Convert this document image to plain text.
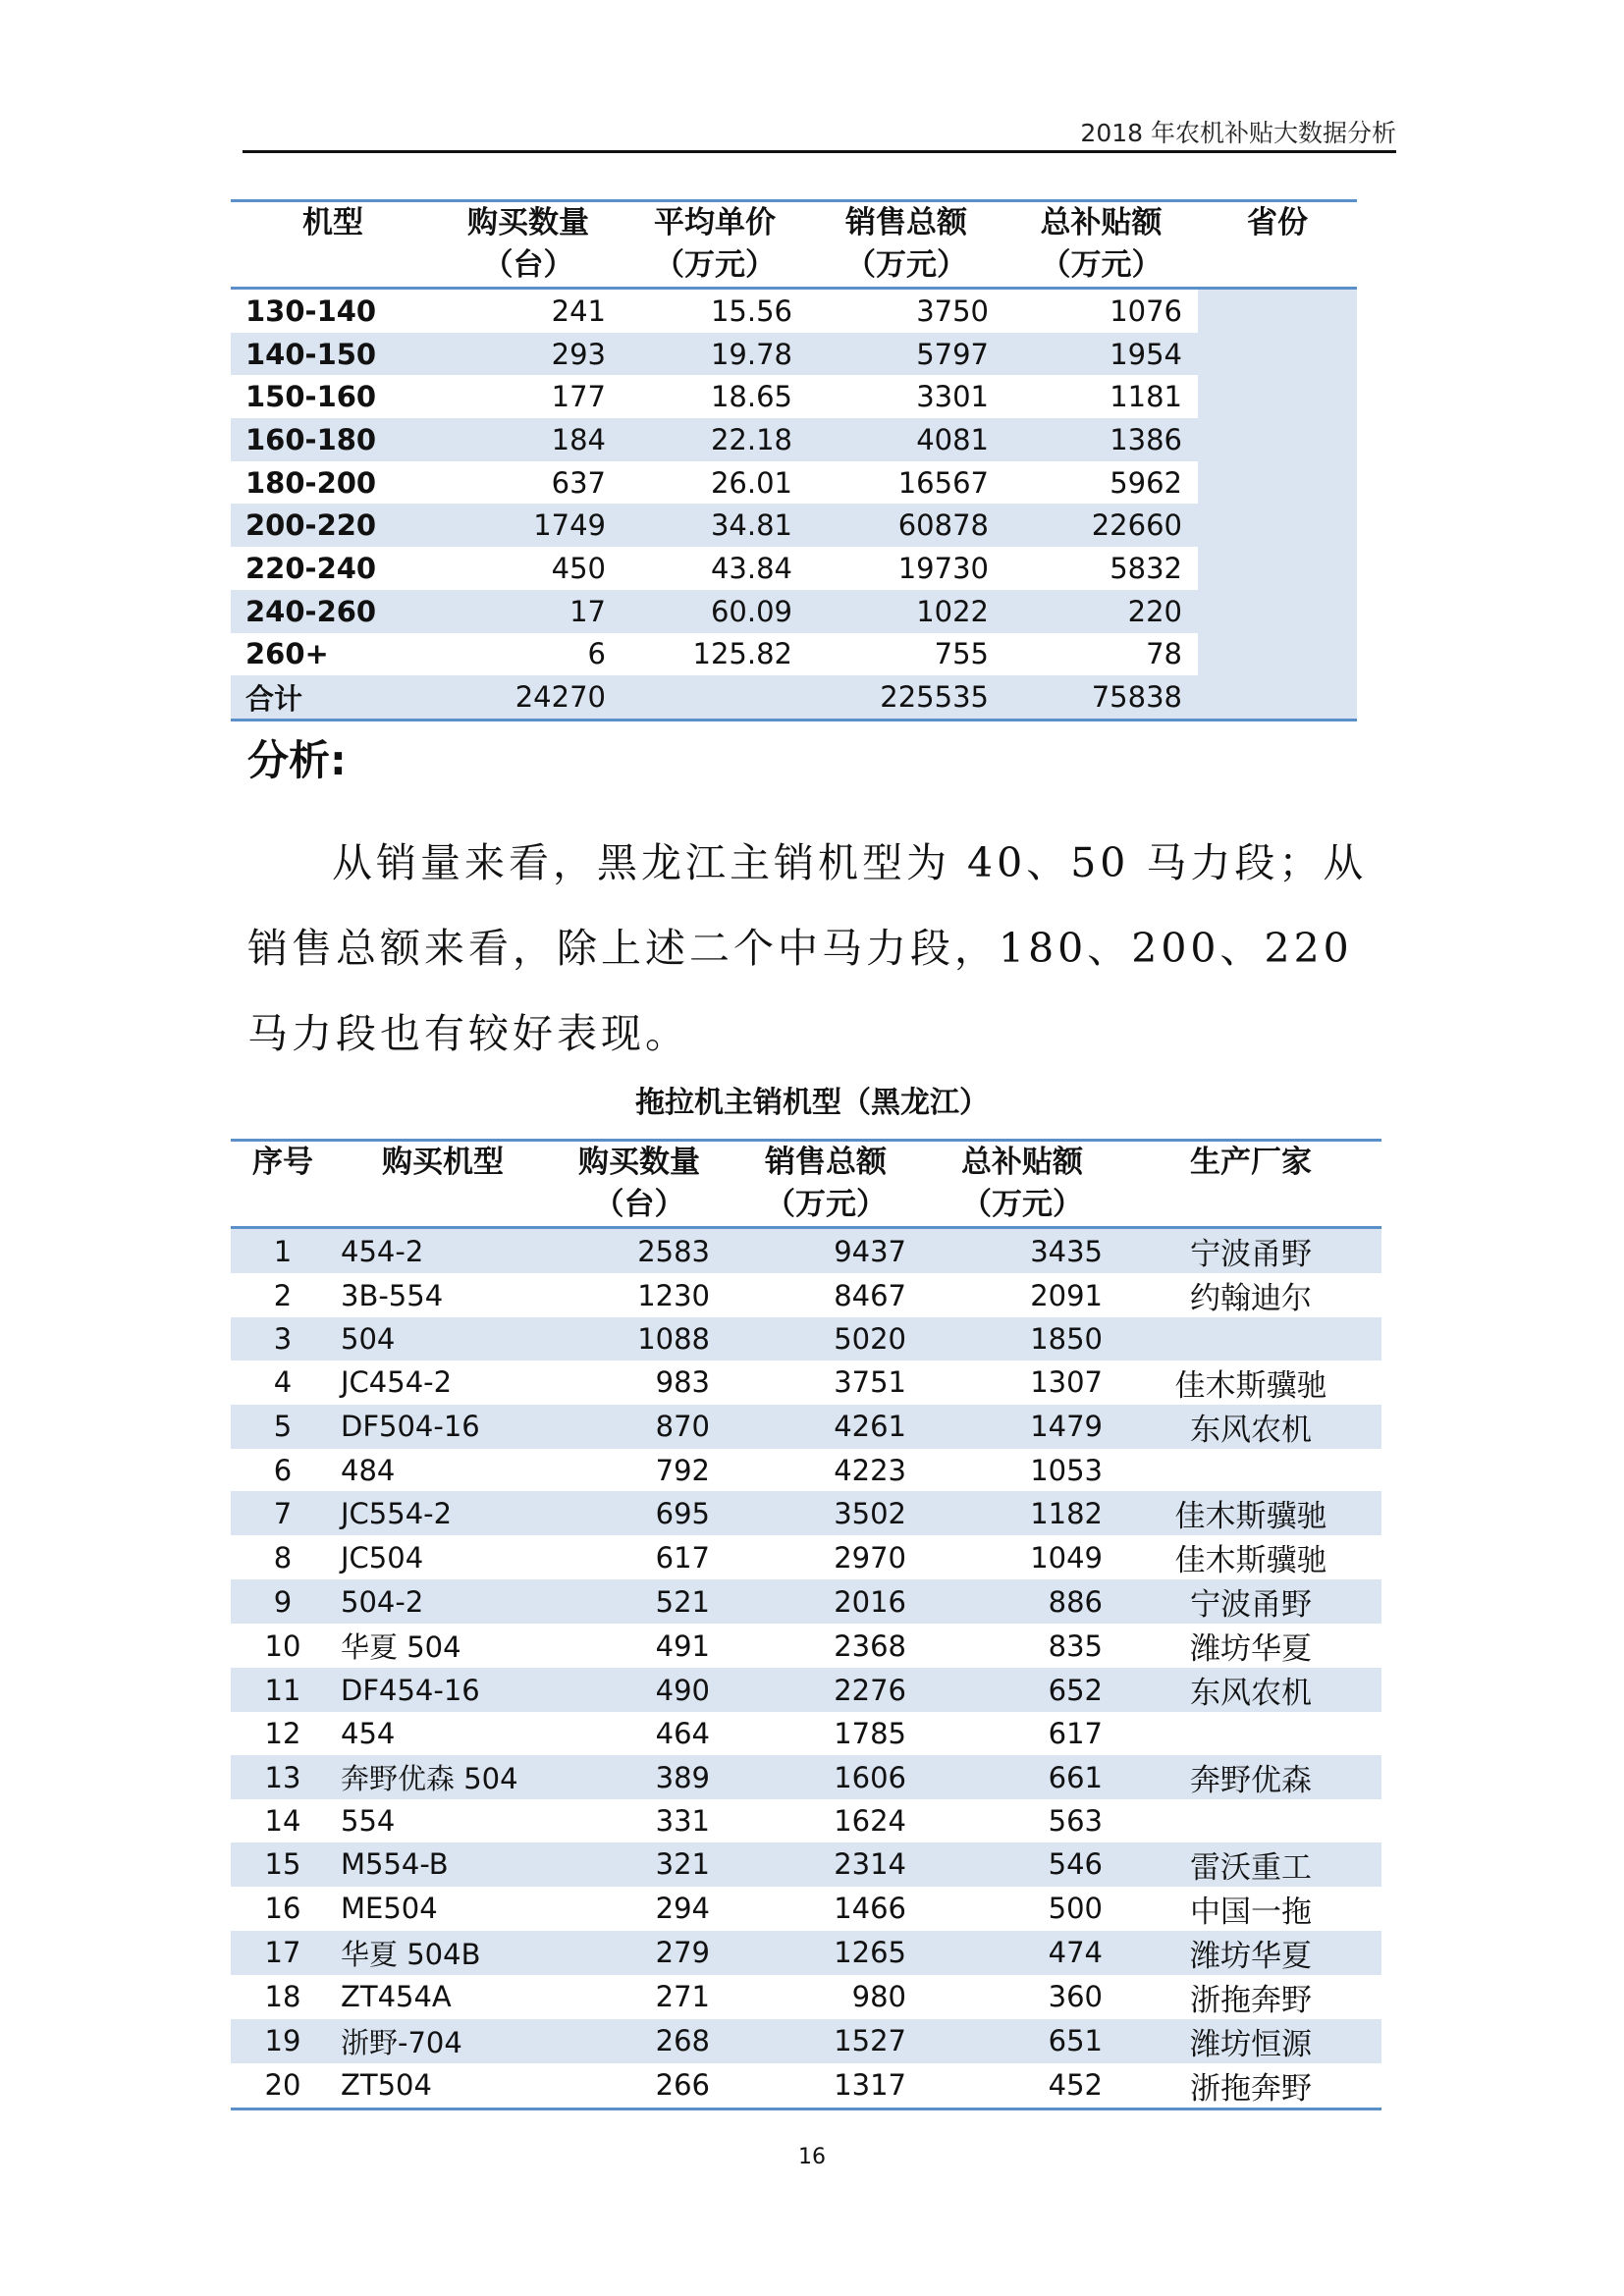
2018 年农机补贴大数据分析
机型	购买数量	平均单价	销售总额	总补贴额	省份
	（台）	（万元）	（万元）	（万元）	
130-140	241	15.56	3750	1076	
140-150	293	19.78	5797	1954	
150-160	177	18.65	3301	1181	
160-180	184	22.18	4081	1386	
180-200	637	26.01	16567	5962	
200-220	1749	34.81	60878	22660	
220-240	450	43.84	19730	5832	
240-260	17	60.09	1022	220	
260+	6	125.82	755	78	
合计	24270		225535	75838	
分析:

从销量来看，黑龙江主销机型为 40、50 马力段；从销售总额来看，除上述二个中马力段，180、200、220 马力段也有较好表现。

拖拉机主销机型（黑龙江）
序号	购买机型	购买数量	销售总额	总补贴额	生产厂家
		（台）	（万元）	（万元）	
1	454-2	2583	9437	3435	宁波甬野
2	3B-554	1230	8467	2091	约翰迪尔
3	504	1088	5020	1850	
4	JC454-2	983	3751	1307	佳木斯骥驰
5	DF504-16	870	4261	1479	东风农机
6	484	792	4223	1053	
7	JC554-2	695	3502	1182	佳木斯骥驰
8	JC504	617	2970	1049	佳木斯骥驰
9	504-2	521	2016	886	宁波甬野
10	华夏 504	491	2368	835	潍坊华夏
11	DF454-16	490	2276	652	东风农机
12	454	464	1785	617	
13	奔野优森 504	389	1606	661	奔野优森
14	554	331	1624	563	
15	M554-B	321	2314	546	雷沃重工
16	ME504	294	1466	500	中国一拖
17	华夏 504B	279	1265	474	潍坊华夏
18	ZT454A	271	980	360	浙拖奔野
19	浙野-704	268	1527	651	潍坊恒源
20	ZT504	266	1317	452	浙拖奔野
16
